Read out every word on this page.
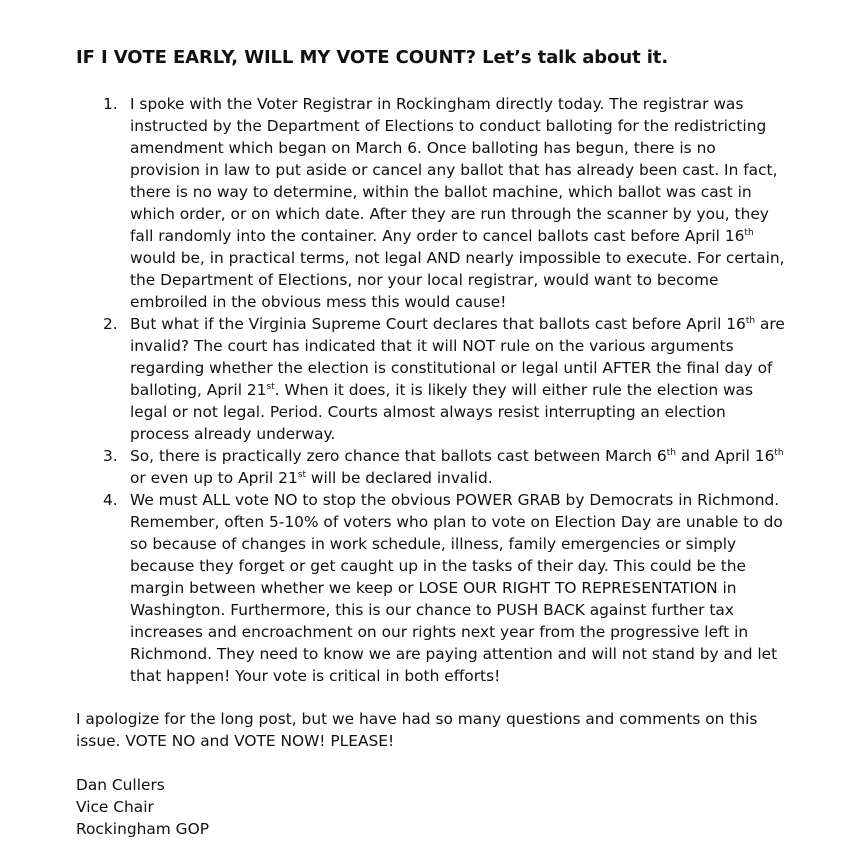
IF I VOTE EARLY, WILL MY VOTE COUNT? Let’s talk about it.
1. I spoke with the Voter Registrar in Rockingham directly today. The registrar was instructed by the Department of Elections to conduct balloting for the redistricting amendment which began on March 6. Once balloting has begun, there is no provision in law to put aside or cancel any ballot that has already been cast. In fact, there is no way to determine, within the ballot machine, which ballot was cast in which order, or on which date. After they are run through the scanner by you, they fall randomly into the container. Any order to cancel ballots cast before April 16th would be, in practical terms, not legal AND nearly impossible to execute. For certain, the Department of Elections, nor your local registrar, would want to become embroiled in the obvious mess this would cause!
2. But what if the Virginia Supreme Court declares that ballots cast before April 16th are invalid? The court has indicated that it will NOT rule on the various arguments regarding whether the election is constitutional or legal until AFTER the final day of balloting, April 21st. When it does, it is likely they will either rule the election was legal or not legal. Period. Courts almost always resist interrupting an election process already underway.
3. So, there is practically zero chance that ballots cast between March 6th and April 16th or even up to April 21st will be declared invalid.
4. We must ALL vote NO to stop the obvious POWER GRAB by Democrats in Richmond. Remember, often 5-10% of voters who plan to vote on Election Day are unable to do so because of changes in work schedule, illness, family emergencies or simply because they forget or get caught up in the tasks of their day. This could be the margin between whether we keep or LOSE OUR RIGHT TO REPRESENTATION in Washington. Furthermore, this is our chance to PUSH BACK against further tax increases and encroachment on our rights next year from the progressive left in Richmond. They need to know we are paying attention and will not stand by and let that happen! Your vote is critical in both efforts!

I apologize for the long post, but we have had so many questions and comments on this issue. VOTE NO and VOTE NOW! PLEASE!

Dan Cullers
Vice Chair
Rockingham GOP
